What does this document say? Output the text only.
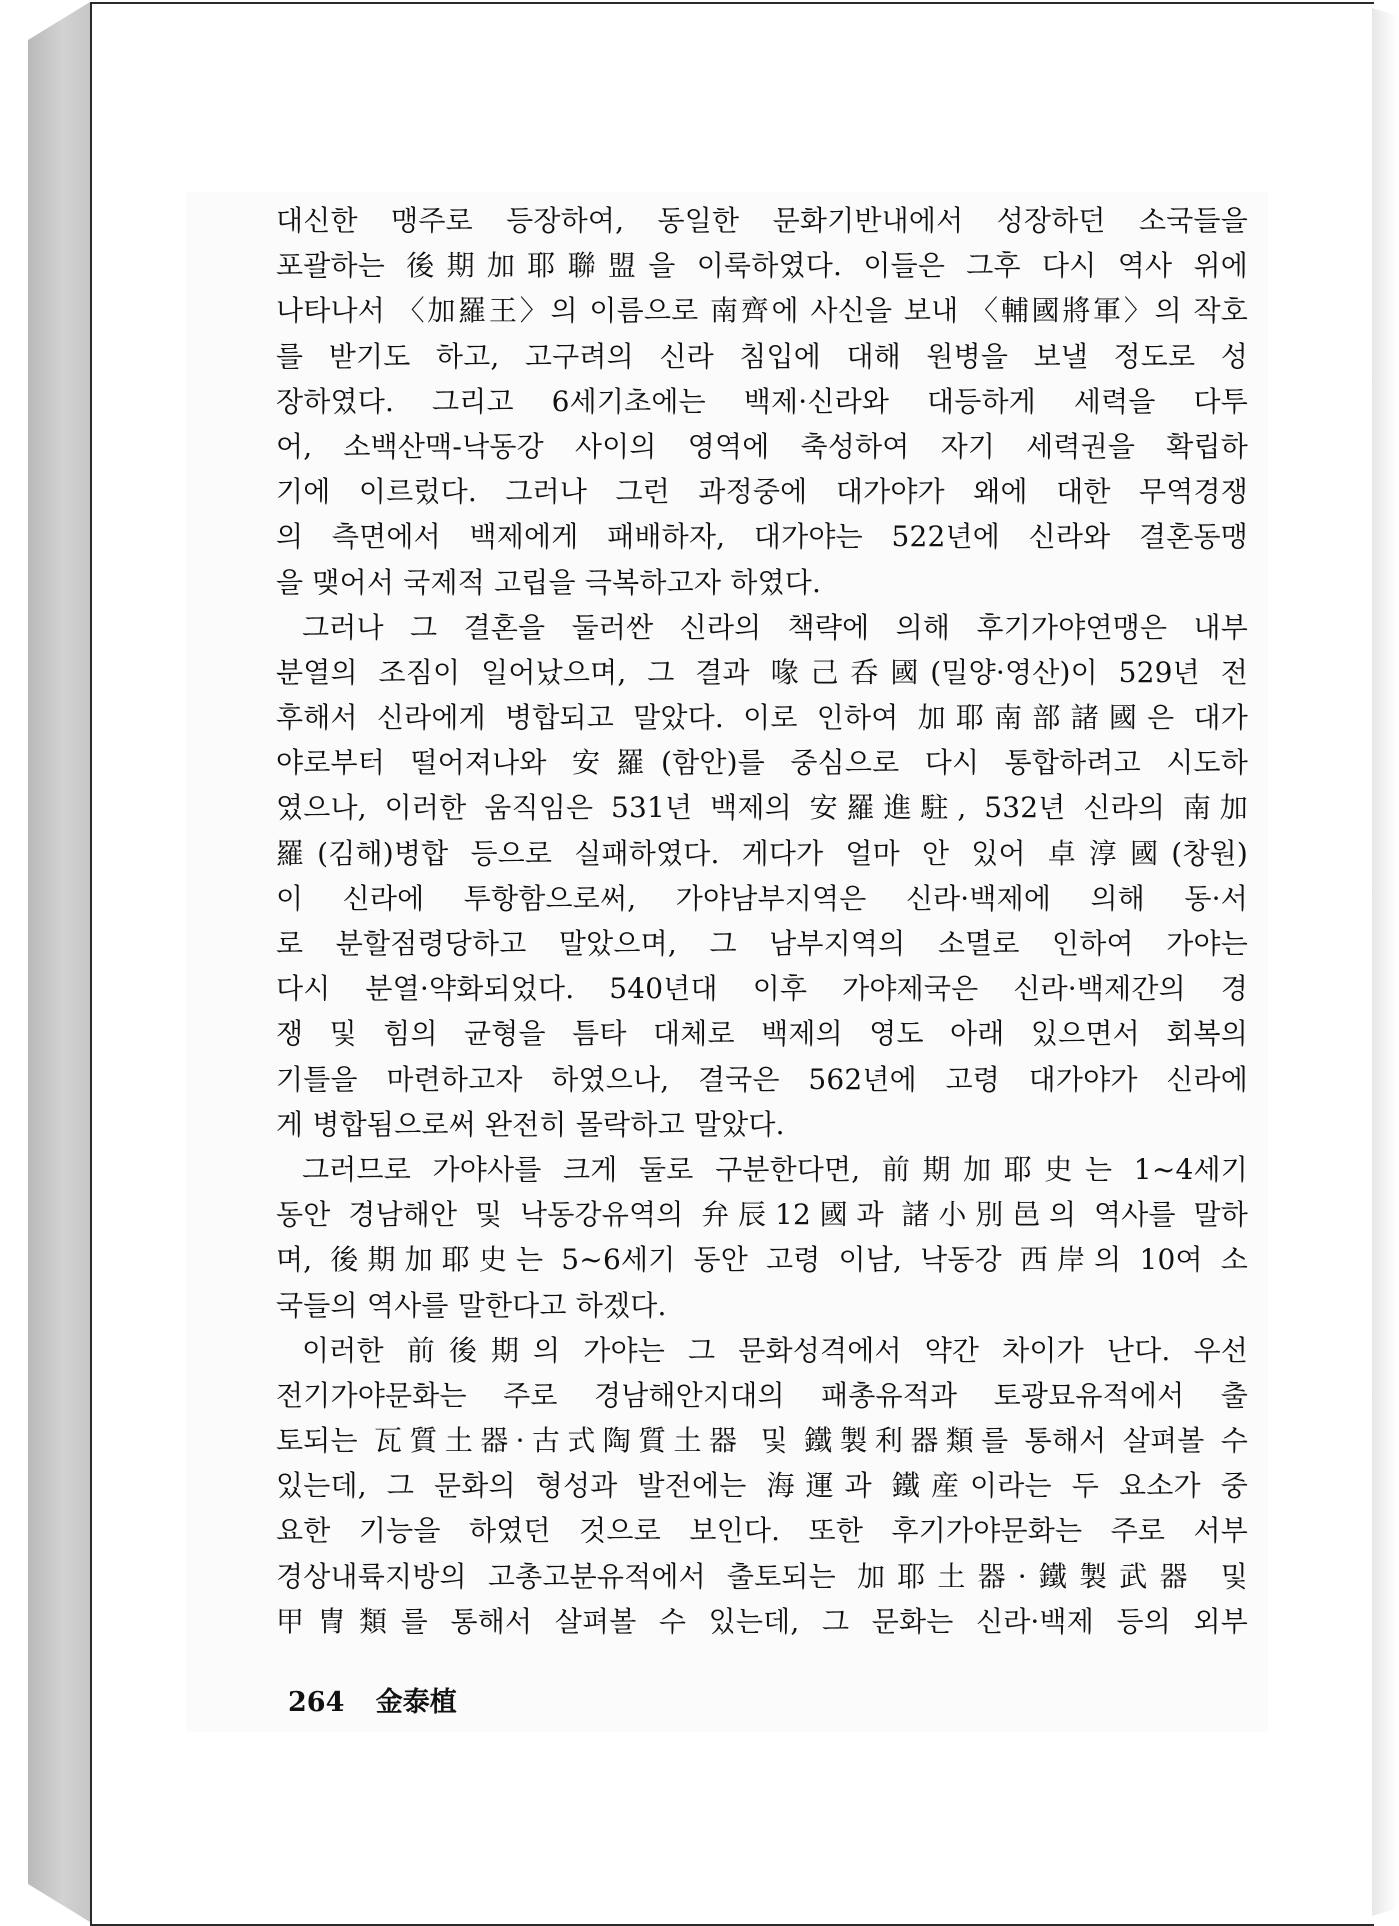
대신한 맹주로 등장하여, 동일한 문화기반내에서 성장하던 소국들을
포괄하는 後期加耶聯盟을 이룩하였다. 이들은 그후 다시 역사 위에
나타나서 〈加羅王〉의 이름으로 南齊에 사신을 보내 〈輔國將軍〉의 작호
를 받기도 하고, 고구려의 신라 침입에 대해 원병을 보낼 정도로 성
장하였다. 그리고 6세기초에는 백제·신라와 대등하게 세력을 다투
어, 소백산맥-낙동강 사이의 영역에 축성하여 자기 세력권을 확립하
기에 이르렀다. 그러나 그런 과정중에 대가야가 왜에 대한 무역경쟁
의 측면에서 백제에게 패배하자, 대가야는 522년에 신라와 결혼동맹
을 맺어서 국제적 고립을 극복하고자 하였다.
그러나 그 결혼을 둘러싼 신라의 책략에 의해 후기가야연맹은 내부
분열의 조짐이 일어났으며, 그 결과 喙己呑國(밀양·영산)이 529년 전
후해서 신라에게 병합되고 말았다. 이로 인하여 加耶南部諸國은 대가
야로부터 떨어져나와 安羅(함안)를 중심으로 다시 통합하려고 시도하
였으나, 이러한 움직임은 531년 백제의 安羅進駐, 532년 신라의 南加
羅(김해)병합 등으로 실패하였다. 게다가 얼마 안 있어 卓淳國(창원)
이 신라에 투항함으로써, 가야남부지역은 신라·백제에 의해 동·서
로 분할점령당하고 말았으며, 그 남부지역의 소멸로 인하여 가야는
다시 분열·약화되었다. 540년대 이후 가야제국은 신라·백제간의 경
쟁 및 힘의 균형을 틈타 대체로 백제의 영도 아래 있으면서 회복의
기틀을 마련하고자 하였으나, 결국은 562년에 고령 대가야가 신라에
게 병합됨으로써 완전히 몰락하고 말았다.
그러므로 가야사를 크게 둘로 구분한다면, 前期加耶史는 1~4세기
동안 경남해안 및 낙동강유역의 弁辰12國과 諸小別邑의 역사를 말하
며, 後期加耶史는 5~6세기 동안 고령 이남, 낙동강 西岸의 10여 소
국들의 역사를 말한다고 하겠다.
이러한 前後期의 가야는 그 문화성격에서 약간 차이가 난다. 우선
전기가야문화는 주로 경남해안지대의 패총유적과 토광묘유적에서 출
토되는 瓦質土器·古式陶質土器 및 鐵製利器類를 통해서 살펴볼 수
있는데, 그 문화의 형성과 발전에는 海運과 鐵産이라는 두 요소가 중
요한 기능을 하였던 것으로 보인다. 또한 후기가야문화는 주로 서부
경상내륙지방의 고총고분유적에서 출토되는 加耶土器·鐵製武器 및
甲冑類를 통해서 살펴볼 수 있는데, 그 문화는 신라·백제 등의 외부
264 金泰植
